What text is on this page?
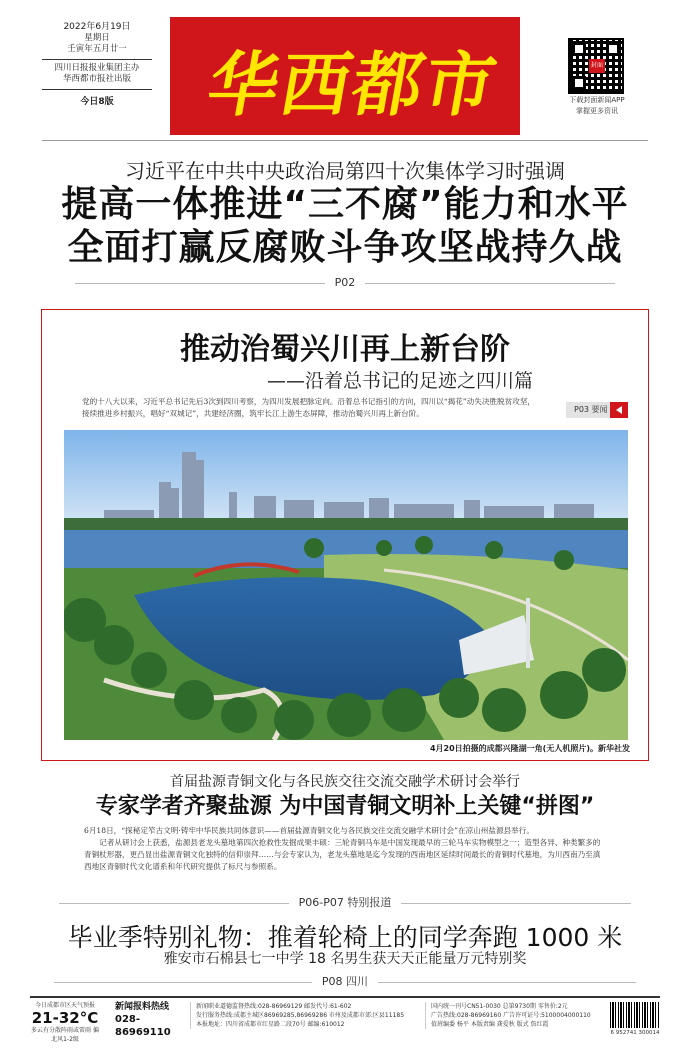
2022年6月19日
星期日
壬寅年五月廿一
四川日报报业集团主办
华西都市报社出版
今日8版	华西都市报
封面
下载封面新闻APP
掌握更多资讯
习近平在中共中央政治局第四十次集体学习时强调
提高一体推进“三不腐”能力和水平
全面打赢反腐败斗争攻坚战持久战
P02
推动治蜀兴川再上新台阶
——沿着总书记的足迹之四川篇
党的十八大以来，习近平总书记先后3次到四川考察，为四川发展把脉定向。沿着总书记指引的方向，四川以“揭花”动失决胜脱贫攻坚，接续推进乡村振兴，唱好“双城记”，共建经济圈，筑牢长江上游生态屏障，推动治蜀兴川再上新台阶。	P03 要闻
4月20日拍摄的成都兴隆湖一角(无人机照片)。新华社发
首届盐源青铜文化与各民族交往交流交融学术研讨会举行
专家学者齐聚盐源 为中国青铜文明补上关键“拼图”

6月18日，“探秘定笮古文明·铸牢中华民族共同体意识——首届盐源青铜文化与各民族交往交流交融学术研讨会”在凉山州盐源县举行。

记者从研讨会上获悉，盐源县老龙头墓地第四次抢救性发掘成果丰硕：三轮青铜马车是中国发现最早的三轮马车实物模型之一；造型各异、种类繁多的青铜杖形器，更凸显出盐源青铜文化独特的信仰崇拜……与会专家认为，老龙头墓地是迄今发现的西南地区延续时间最长的青铜时代墓地，为川西南乃至滇西地区青铜时代文化谱系和年代研究提供了标尺与参照系。

P06-P07 特别报道
毕业季特别礼物：推着轮椅上的同学奔跑 1000 米
雅安市石棉县七一中学 18 名男生获天天正能量万元特别奖
P08 四川
今日成都市区天气预报
21-32°C
多云有分散阵雨或雷雨 偏北风1-2级
新闻报料热线
028-86969110
新闻职业道德监督热线:028-86969129 邮发代号:61-602
发行服务热线:成都主城区86969285,86969286 市州及成都市郊:区县11185
本报地址：四川省成都市红星路二段70号 邮编:610012
国内统一刊号CN51-0030 总第9730期 零售价:2元
广告热线:028-86969160 广告许可证号:5100004000110
值班编委 杨平 本版责编 龚爱秋 版式 詹红霞
6 952741 300014
